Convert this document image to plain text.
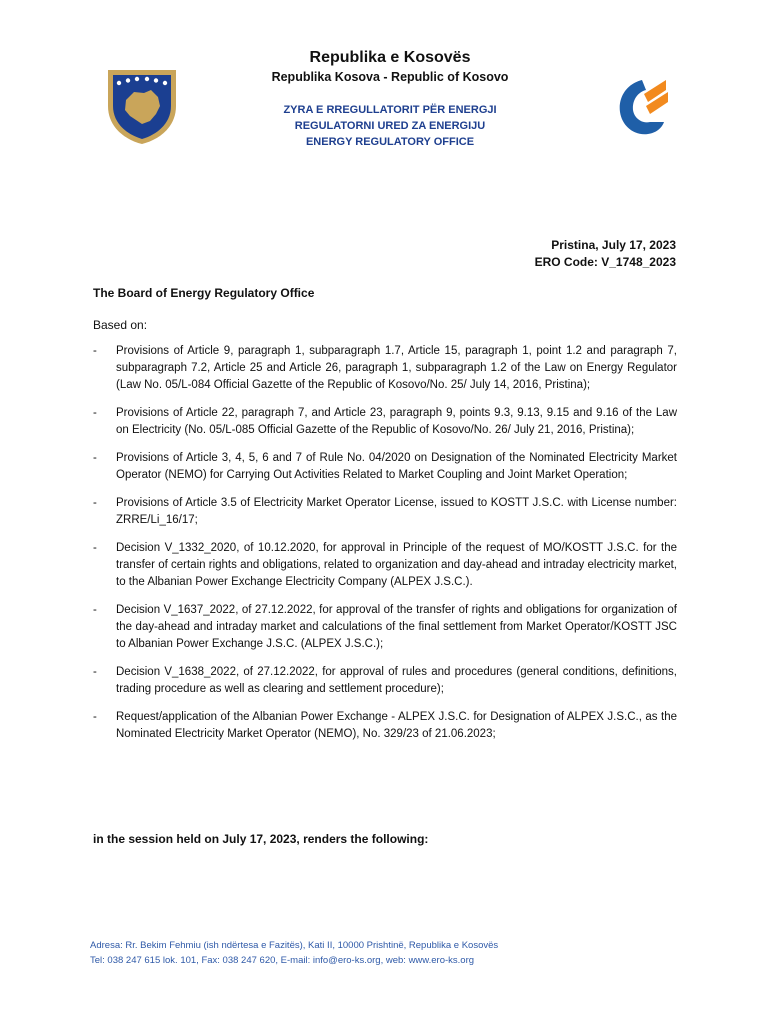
Republika e Kosovës

Republika Kosova - Republic of Kosovo

ZYRA E RREGULLATORIT PËR ENERGJI

REGULATORNI URED ZA ENERGIJU

ENERGY REGULATORY OFFICE

Pristina, July 17, 2023
ERO Code: V_1748_2023
The Board of Energy Regulatory Office
Based on:
- Provisions of Article 9, paragraph 1, subparagraph 1.7, Article 15, paragraph 1, point 1.2 and paragraph 7, subparagraph 7.2, Article 25 and Article 26, paragraph 1, subparagraph 1.2 of the Law on Energy Regulator (Law No. 05/L-084 Official Gazette of the Republic of Kosovo/No. 25/ July 14, 2016, Pristina);
- Provisions of Article 22, paragraph 7, and Article 23, paragraph 9, points 9.3, 9.13, 9.15 and 9.16 of the Law on Electricity (No. 05/L-085 Official Gazette of the Republic of Kosovo/No. 26/ July 21, 2016, Pristina);
- Provisions of Article 3, 4, 5, 6 and 7 of Rule No. 04/2020 on Designation of the Nominated Electricity Market Operator (NEMO) for Carrying Out Activities Related to Market Coupling and Joint Market Operation;
- Provisions of Article 3.5 of Electricity Market Operator License, issued to KOSTT J.S.C. with License number: ZRRE/Li_16/17;
- Decision V_1332_2020, of 10.12.2020, for approval in Principle of the request of MO/KOSTT J.S.C. for the transfer of certain rights and obligations, related to organization and day-ahead and intraday electricity market, to the Albanian Power Exchange Electricity Company (ALPEX J.S.C.).
- Decision V_1637_2022, of 27.12.2022, for approval of the transfer of rights and obligations for organization of the day-ahead and intraday market and calculations of the final settlement from Market Operator/KOSTT JSC to Albanian Power Exchange J.S.C. (ALPEX J.S.C.);
- Decision V_1638_2022, of 27.12.2022, for approval of rules and procedures (general conditions, definitions, trading procedure as well as clearing and settlement procedure);
- Request/application of the Albanian Power Exchange - ALPEX J.S.C. for Designation of ALPEX J.S.C., as the Nominated Electricity Market Operator (NEMO), No. 329/23 of 21.06.2023;
in the session held on July 17, 2023, renders the following:

Adresa: Rr. Bekim Fehmiu (ish ndërtesa e Fazitës), Kati II, 10000 Prishtinë, Republika e Kosovës

Tel: 038 247 615 lok. 101, Fax: 038 247 620, E-mail: info@ero-ks.org, web: www.ero-ks.org
